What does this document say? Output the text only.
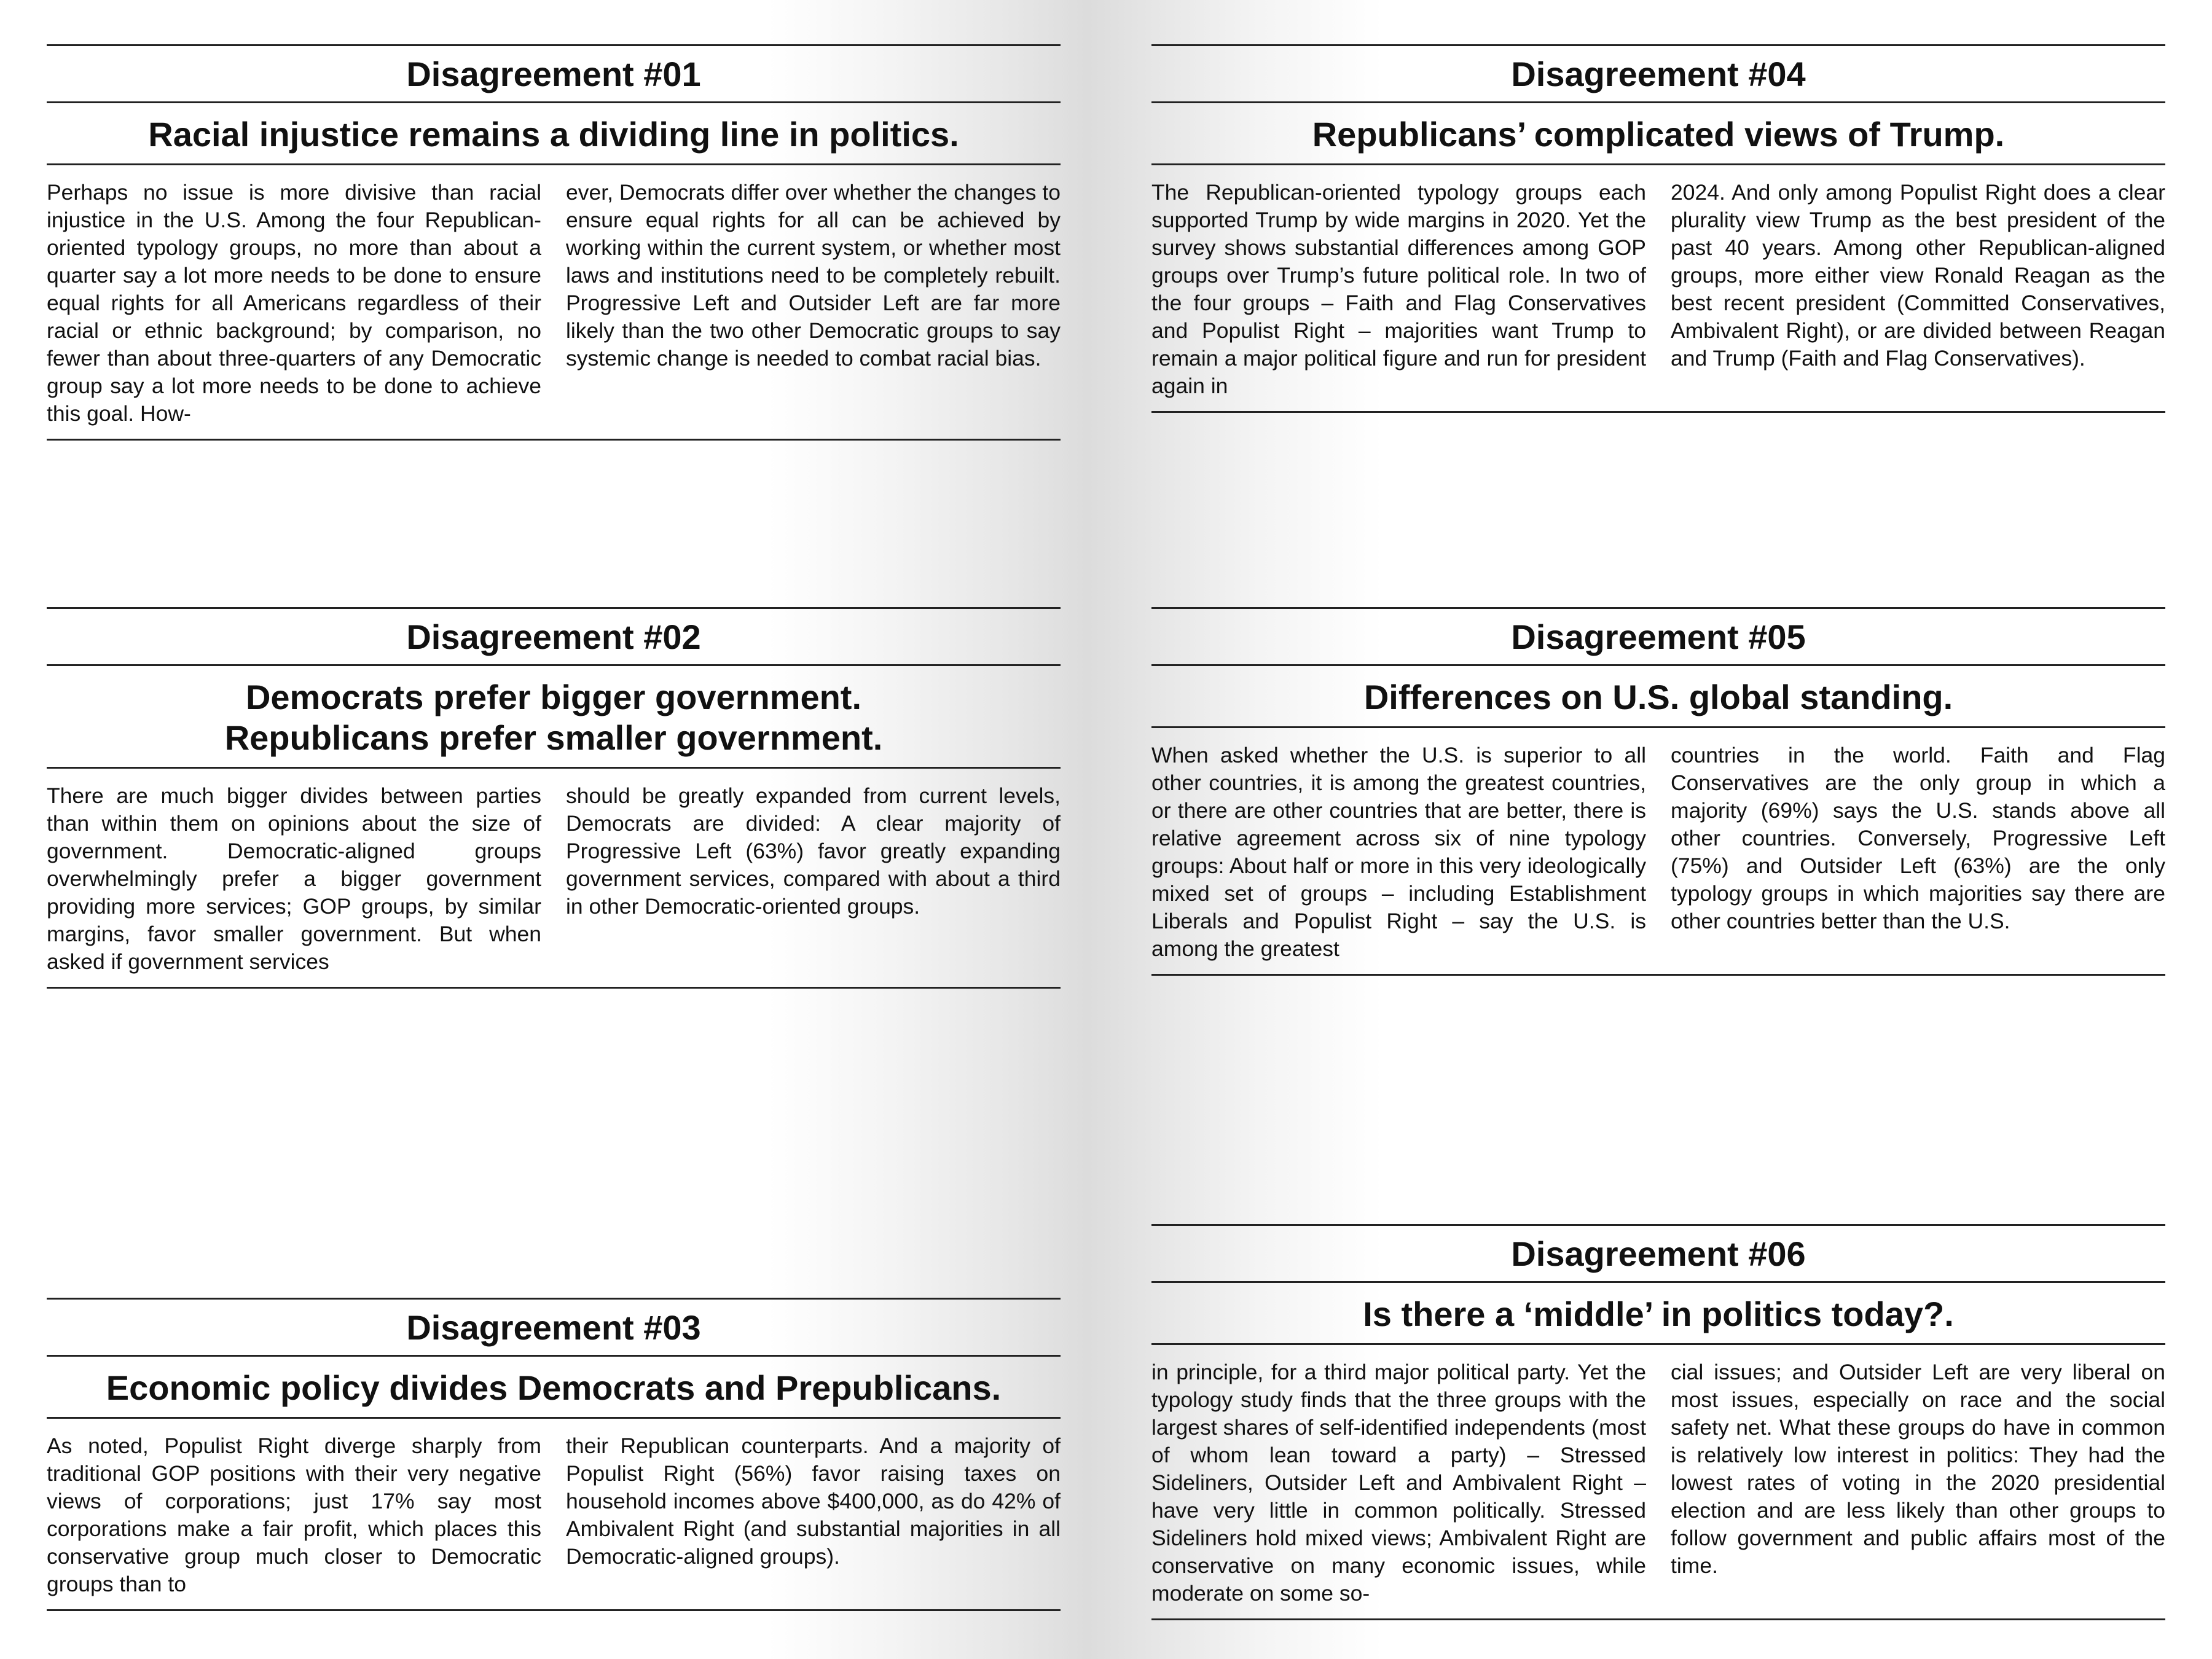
Disagreement #01
Racial injustice remains a dividing line in politics.

Perhaps no issue is more divisive than racial injustice in the U.S. Among the four Republican-oriented typology groups, no more than about a quarter say a lot more needs to be done to ensure equal rights for all Americans regardless of their racial or ethnic background; by comparison, no fewer than about three-quarters of any Democratic group say a lot more needs to be done to achieve this goal. How-

ever, Democrats differ over whether the changes to ensure equal rights for all can be achieved by working within the current system, or whether most laws and institutions need to be completely rebuilt. Progressive Left and Outsider Left are far more likely than the two other Democratic groups to say systemic change is needed to combat racial bias.

Disagreement #02
Democrats prefer bigger government.
Republicans prefer smaller government.

There are much bigger divides between parties than within them on opinions about the size of government. Democratic-aligned groups overwhelmingly prefer a bigger government providing more services; GOP groups, by similar margins, favor smaller government. But when asked if government services

should be greatly expanded from current levels, Democrats are divided: A clear majority of Progressive Left (63%) favor greatly expanding government services, compared with about a third in other Democratic-oriented groups.

Disagreement #03
Economic policy divides Democrats and Prepublicans.

As noted, Populist Right diverge sharply from traditional GOP positions with their very negative views of corporations; just 17% say most corporations make a fair profit, which places this conservative group much closer to Democratic groups than to

their Republican counterparts. And a majority of Populist Right (56%) favor raising taxes on household incomes above $400,000, as do 42% of Ambivalent Right (and substantial majorities in all Democratic-aligned groups).

Disagreement #04
Republicans’ complicated views of Trump.

The Republican-oriented typology groups each supported Trump by wide margins in 2020. Yet the survey shows substantial differences among GOP groups over Trump’s future political role. In two of the four groups – Faith and Flag Conservatives and Populist Right – majorities want Trump to remain a major political figure and run for president again in

2024. And only among Populist Right does a clear plurality view Trump as the best president of the past 40 years. Among other Republican-aligned groups, more either view Ronald Reagan as the best recent president (Committed Conservatives, Ambivalent Right), or are divided between Reagan and Trump (Faith and Flag Conservatives).

Disagreement #05
Differences on U.S. global standing.

When asked whether the U.S. is superior to all other countries, it is among the greatest countries, or there are other countries that are better, there is relative agreement across six of nine typology groups: About half or more in this very ideologically mixed set of groups – including Establishment Liberals and Populist Right – say the U.S. is among the greatest

countries in the world. Faith and Flag Conservatives are the only group in which a majority (69%) says the U.S. stands above all other countries. Conversely, Progressive Left (75%) and Outsider Left (63%) are the only typology groups in which majorities say there are other countries better than the U.S.

Disagreement #06
Is there a ‘middle’ in politics today?.

in principle, for a third major political party. Yet the typology study finds that the three groups with the largest shares of self-identified independents (most of whom lean toward a party) – Stressed Sideliners, Outsider Left and Ambivalent Right – have very little in common politically. Stressed Sideliners hold mixed views; Ambivalent Right are conservative on many economic issues, while moderate on some so-

cial issues; and Outsider Left are very liberal on most issues, especially on race and the social safety net. What these groups do have in common is relatively low interest in politics: They had the lowest rates of voting in the 2020 presidential election and are less likely than other groups to follow government and public affairs most of the time.
